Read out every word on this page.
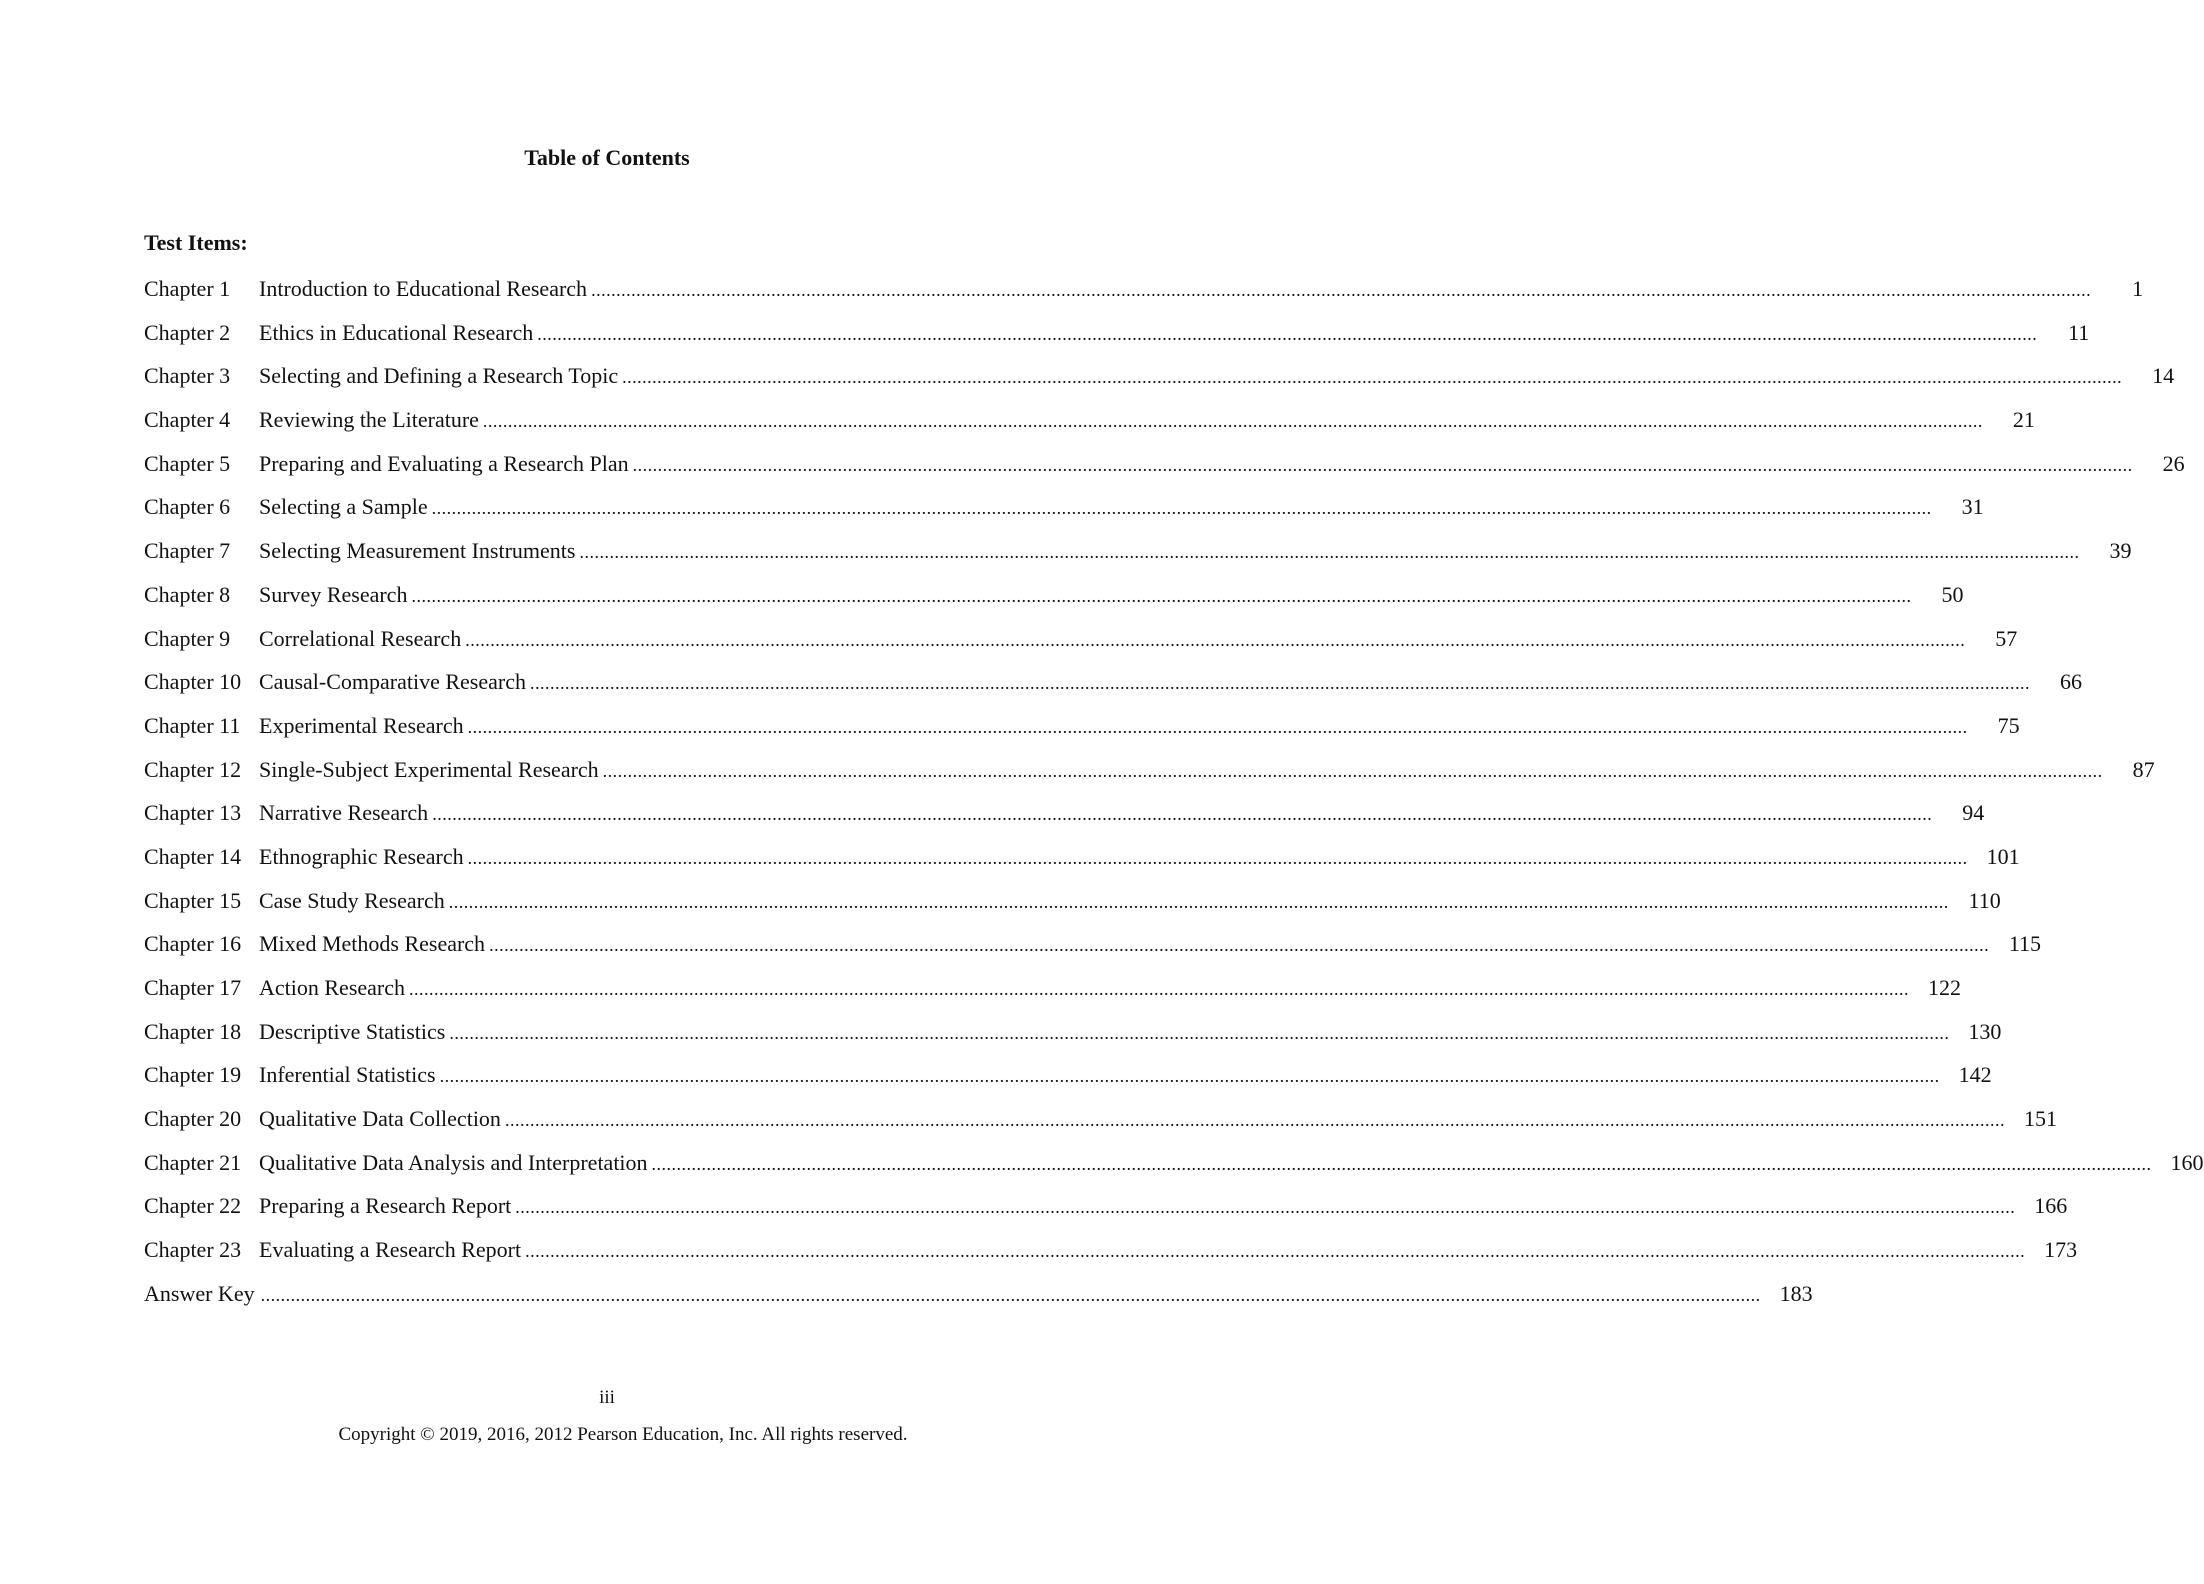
Table of Contents
Test Items:
Chapter 1	Introduction to Educational Research ............................................................................................................................................................................................................................................................................................................	1
Chapter 2	Ethics in Educational Research ............................................................................................................................................................................................................................................................................................................	11
Chapter 3	Selecting and Defining a Research Topic ............................................................................................................................................................................................................................................................................................................	14
Chapter 4	Reviewing the Literature ............................................................................................................................................................................................................................................................................................................	21
Chapter 5	Preparing and Evaluating a Research Plan ............................................................................................................................................................................................................................................................................................................	26
Chapter 6	Selecting a Sample ............................................................................................................................................................................................................................................................................................................	31
Chapter 7	Selecting Measurement Instruments ............................................................................................................................................................................................................................................................................................................	39
Chapter 8	Survey Research ............................................................................................................................................................................................................................................................................................................	50
Chapter 9	Correlational Research ............................................................................................................................................................................................................................................................................................................	57
Chapter 10 Causal-Comparative Research ............................................................................................................................................................................................................................................................................................................	66
Chapter 11 Experimental Research ............................................................................................................................................................................................................................................................................................................	75
Chapter 12 Single-Subject Experimental Research ............................................................................................................................................................................................................................................................................................................	87
Chapter 13 Narrative Research ............................................................................................................................................................................................................................................................................................................	94
Chapter 14 Ethnographic Research ............................................................................................................................................................................................................................................................................................................ 101
Chapter 15 Case Study Research ............................................................................................................................................................................................................................................................................................................ 110
Chapter 16 Mixed Methods Research ............................................................................................................................................................................................................................................................................................................ 115
Chapter 17 Action Research ............................................................................................................................................................................................................................................................................................................ 122
Chapter 18 Descriptive Statistics ............................................................................................................................................................................................................................................................................................................ 130
Chapter 19 Inferential Statistics ............................................................................................................................................................................................................................................................................................................ 142
Chapter 20 Qualitative Data Collection ............................................................................................................................................................................................................................................................................................................ 151
Chapter 21 Qualitative Data Analysis and Interpretation ............................................................................................................................................................................................................................................................................................................ 160
Chapter 22 Preparing a Research Report ............................................................................................................................................................................................................................................................................................................ 166
Chapter 23 Evaluating a Research Report ............................................................................................................................................................................................................................................................................................................ 173
Answer Key ............................................................................................................................................................................................................................................................................................................ 183
iii
Copyright © 2019, 2016, 2012 Pearson Education, Inc. All rights reserved.
